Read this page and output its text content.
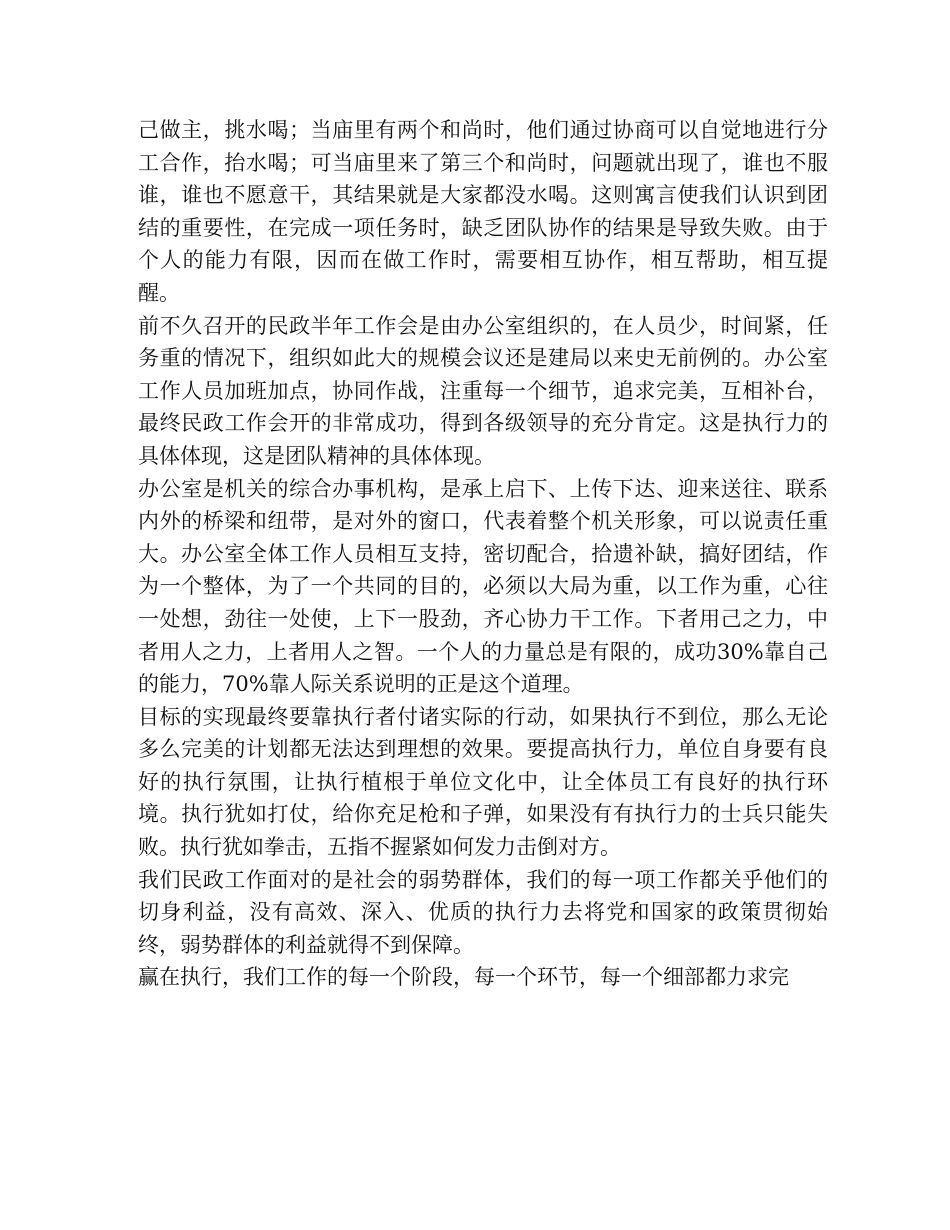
己做主，挑水喝；当庙里有两个和尚时，他们通过协商可以自觉地进行分工合作，抬水喝；可当庙里来了第三个和尚时，问题就出现了，谁也不服谁，谁也不愿意干，其结果就是大家都没水喝。这则寓言使我们认识到团结的重要性，在完成一项任务时，缺乏团队协作的结果是导致失败。由于个人的能力有限，因而在做工作时，需要相互协作，相互帮助，相互提醒。

前不久召开的民政半年工作会是由办公室组织的，在人员少，时间紧，任务重的情况下，组织如此大的规模会议还是建局以来史无前例的。办公室工作人员加班加点，协同作战，注重每一个细节，追求完美，互相补台，最终民政工作会开的非常成功，得到各级领导的充分肯定。这是执行力的具体体现，这是团队精神的具体体现。

办公室是机关的综合办事机构，是承上启下、上传下达、迎来送往、联系内外的桥梁和纽带，是对外的窗口，代表着整个机关形象，可以说责任重大。办公室全体工作人员相互支持，密切配合，拾遗补缺，搞好团结，作为一个整体，为了一个共同的目的，必须以大局为重，以工作为重，心往一处想，劲往一处使，上下一股劲，齐心协力干工作。下者用己之力，中者用人之力，上者用人之智。一个人的力量总是有限的，成功30%靠自己的能力，70%靠人际关系说明的正是这个道理。

目标的实现最终要靠执行者付诸实际的行动，如果执行不到位，那么无论多么完美的计划都无法达到理想的效果。要提高执行力，单位自身要有良好的执行氛围，让执行植根于单位文化中，让全体员工有良好的执行环境。执行犹如打仗，给你充足枪和子弹，如果没有有执行力的士兵只能失败。执行犹如拳击，五指不握紧如何发力击倒对方。

我们民政工作面对的是社会的弱势群体，我们的每一项工作都关乎他们的切身利益，没有高效、深入、优质的执行力去将党和国家的政策贯彻始终，弱势群体的利益就得不到保障。

赢在执行，我们工作的每一个阶段，每一个环节，每一个细部都力求完
